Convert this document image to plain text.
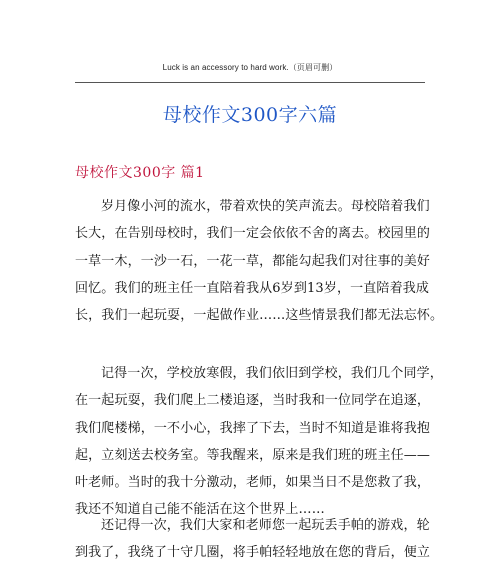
Luck is an accessory to hard work.（页眉可删）
母校作文300字六篇
母校作文300字 篇1
岁月像小河的流水，带着欢快的笑声流去。母校陪着我们
长大，在告别母校时，我们一定会依依不舍的离去。校园里的
一草一木，一沙一石，一花一草，都能勾起我们对往事的美好
回忆。我们的班主任一直陪着我从6岁到13岁，一直陪着我成
长，我们一起玩耍，一起做作业……这些情景我们都无法忘怀。
记得一次，学校放寒假，我们依旧到学校，我们几个同学，
在一起玩耍，我们爬上二楼追逐，当时我和一位同学在追逐，
我们爬楼梯，一不小心，我摔了下去，当时不知道是谁将我抱
起，立刻送去校务室。等我醒来，原来是我们班的班主任——
叶老师。当时的我十分激动，老师，如果当日不是您救了我，
我还不知道自己能不能活在这个世界上……
还记得一次，我们大家和老师您一起玩丢手帕的游戏，轮
到我了，我绕了十守几圈，将手帕轻轻地放在您的背后，便立
